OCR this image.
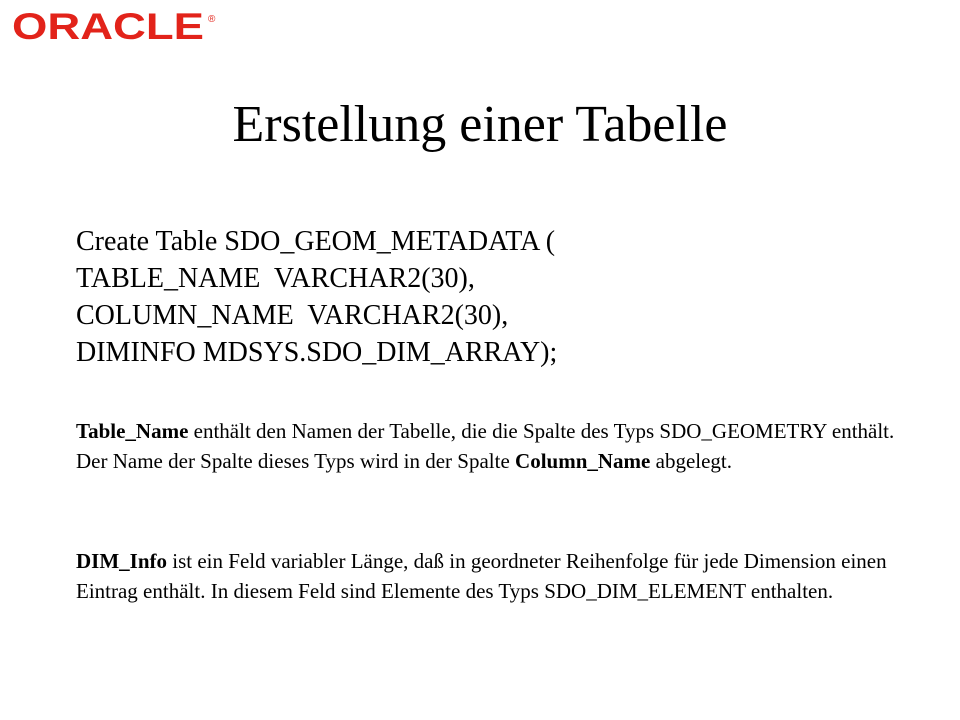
ORACLE ®
Erstellung einer Tabelle
Create Table SDO_GEOM_METADATA (
TABLE_NAME  VARCHAR2(30),
COLUMN_NAME  VARCHAR2(30),
DIMINFO MDSYS.SDO_DIM_ARRAY);
Table_Name enthält den Namen der Tabelle, die die Spalte des Typs SDO_GEOMETRY enthält. Der Name der Spalte dieses Typs wird in der Spalte Column_Name abgelegt.
DIM_Info ist ein Feld variabler Länge, daß in geordneter Reihenfolge für jede Dimension einen Eintrag enthält. In diesem Feld sind Elemente des Typs SDO_DIM_ELEMENT enthalten.
